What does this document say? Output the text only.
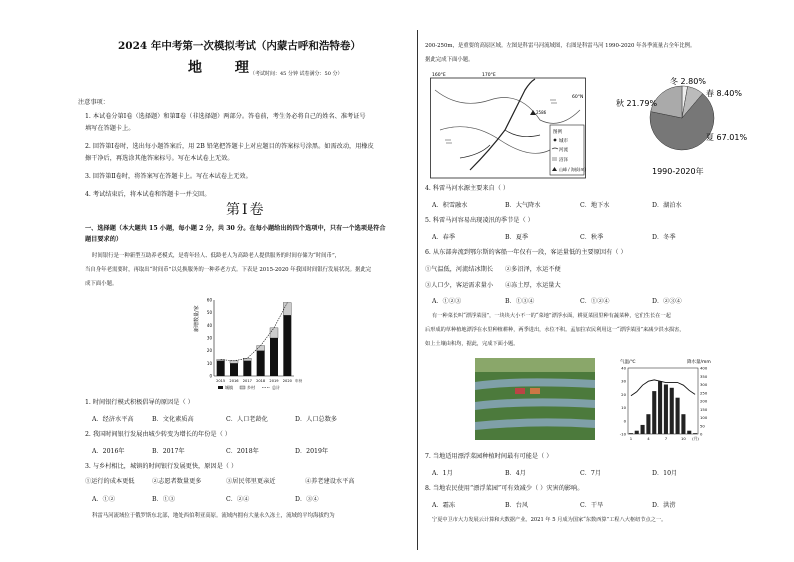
2024 年中考第一次模拟考试（内蒙古呼和浩特卷）
地 理
（考试时间：45 分钟 试卷满分：50 分）
注意事项：
1. 本试卷分第Ⅰ卷（选择题）和第Ⅱ卷（非选择题）两部分。答卷前，考生务必将自己的姓名、准考证号
填写在答题卡上。
2. 回答第Ⅰ卷时，选出每小题答案后，用 2B 铅笔把答题卡上对应题目的答案标号涂黑。如需改动，用橡皮
擦干净后，再选涂其他答案标号。写在本试卷上无效。
3. 回答第Ⅱ卷时，将答案写在答题卡上。写在本试卷上无效。
4. 考试结束后，将本试卷和答题卡一并交回。
第Ⅰ卷
一、选择题（本大题共 15 小题，每小题 2 分，共 30 分。在每小题给出的四个选项中，只有一个选项是符合
题目要求的）
时间银行是一种新型互助养老模式，是将年轻人、低龄老人为高龄老人提供服务的时间存储为“时间币”，
当自身年老需要时，再取出“时间币”以兑换服务的一种养老方式。下表是 2015-2020 年我国时间银行发展状况。据此完
成下面小题。
新增数量/家
0
10
20
30
40
50
60
2015 2016 2017 2018 2019 2020 年份
城镇	乡村	总计
1. 时间银行模式积极倡导的原因是（ ）
A．经济水平高	B．文化素质高	C．人口老龄化	D．人口总数多
2. 我国时间银行发展由城少转变为增长的年份是（ ）
A．2016年	B．2017年	C．2018年	D．2019年
3. 与乡村相比，城镇的时间银行发展更快，原因是（ ）
①运行的成本更低	②志愿者数量更多	③居民邻里更亲近	④养老建设水平高
A．①②	B．①③	C．②④	D．③④
科雷马河流域位于俄罗斯东北部，地处西伯利亚高原。流域内拥有大量永久冻土，流域的平均海拔约为
200-250m，是重要的高原区域。左图是科雷马河流域图，右图是科雷马河 1990-2020 年各季流量占全年比例。
据此完成下面小题。
160°E	170°E
60°N
2586
图例
城市
河流
沼泽
山峰 / 海拔(m)
冬 2.80%
春 8.40%
夏 67.01%
秋 21.79%
1990-2020年
4. 科雷马河水源主要来自（ ）
A．积雪融水	B．大气降水	C．地下水	D．湖泊水
5. 科雷马河容易出现凌汛的季节是（ ）
A．春季	B．夏季	C．秋季	D．冬季
6. 从东部奔流到鄂尔斯的客船一年仅有一段，客运量低的主要原因有（ ）
①气温低，河流结冰期长 ②多沼泽，水运不便
③人口少，客运需求量小 ④冻土厚，水运量大
A．①②③	B．①③④	C．①②④	D．②③④
有一种菜长叫“漂浮菜园”，一块块大小不一的“菜地”漂浮水面，耕夏菜园里种有蔬菜种，它们生长在一起
后形成的草种植地漂浮在水里种植耕种，两季进出，水位不积。孟加拉农民利用这一“漂浮菜园”来减少洪水损害，
如上土壤由积均，据此，完成下面小题。
气温/℃	降水量/mm
40
30
20
10
0
-10
400
350
300
250
200
150
100
50
0
1	4	7	10 (月)
7. 当地适用漂浮菜园种植时间最有可能是（ ）
A．1月	B．4月	C．7月	D．10月
8. 当地农民使用“漂浮菜园”可有效减少（ ）灾害的影响。
A．霜冻	B．台风	C．干旱	D．洪涝
宁夏中卫市大力发展云计算和大数据产业。2021 年 5 月成为国家“东数西算”工程八大枢纽节点之一。
